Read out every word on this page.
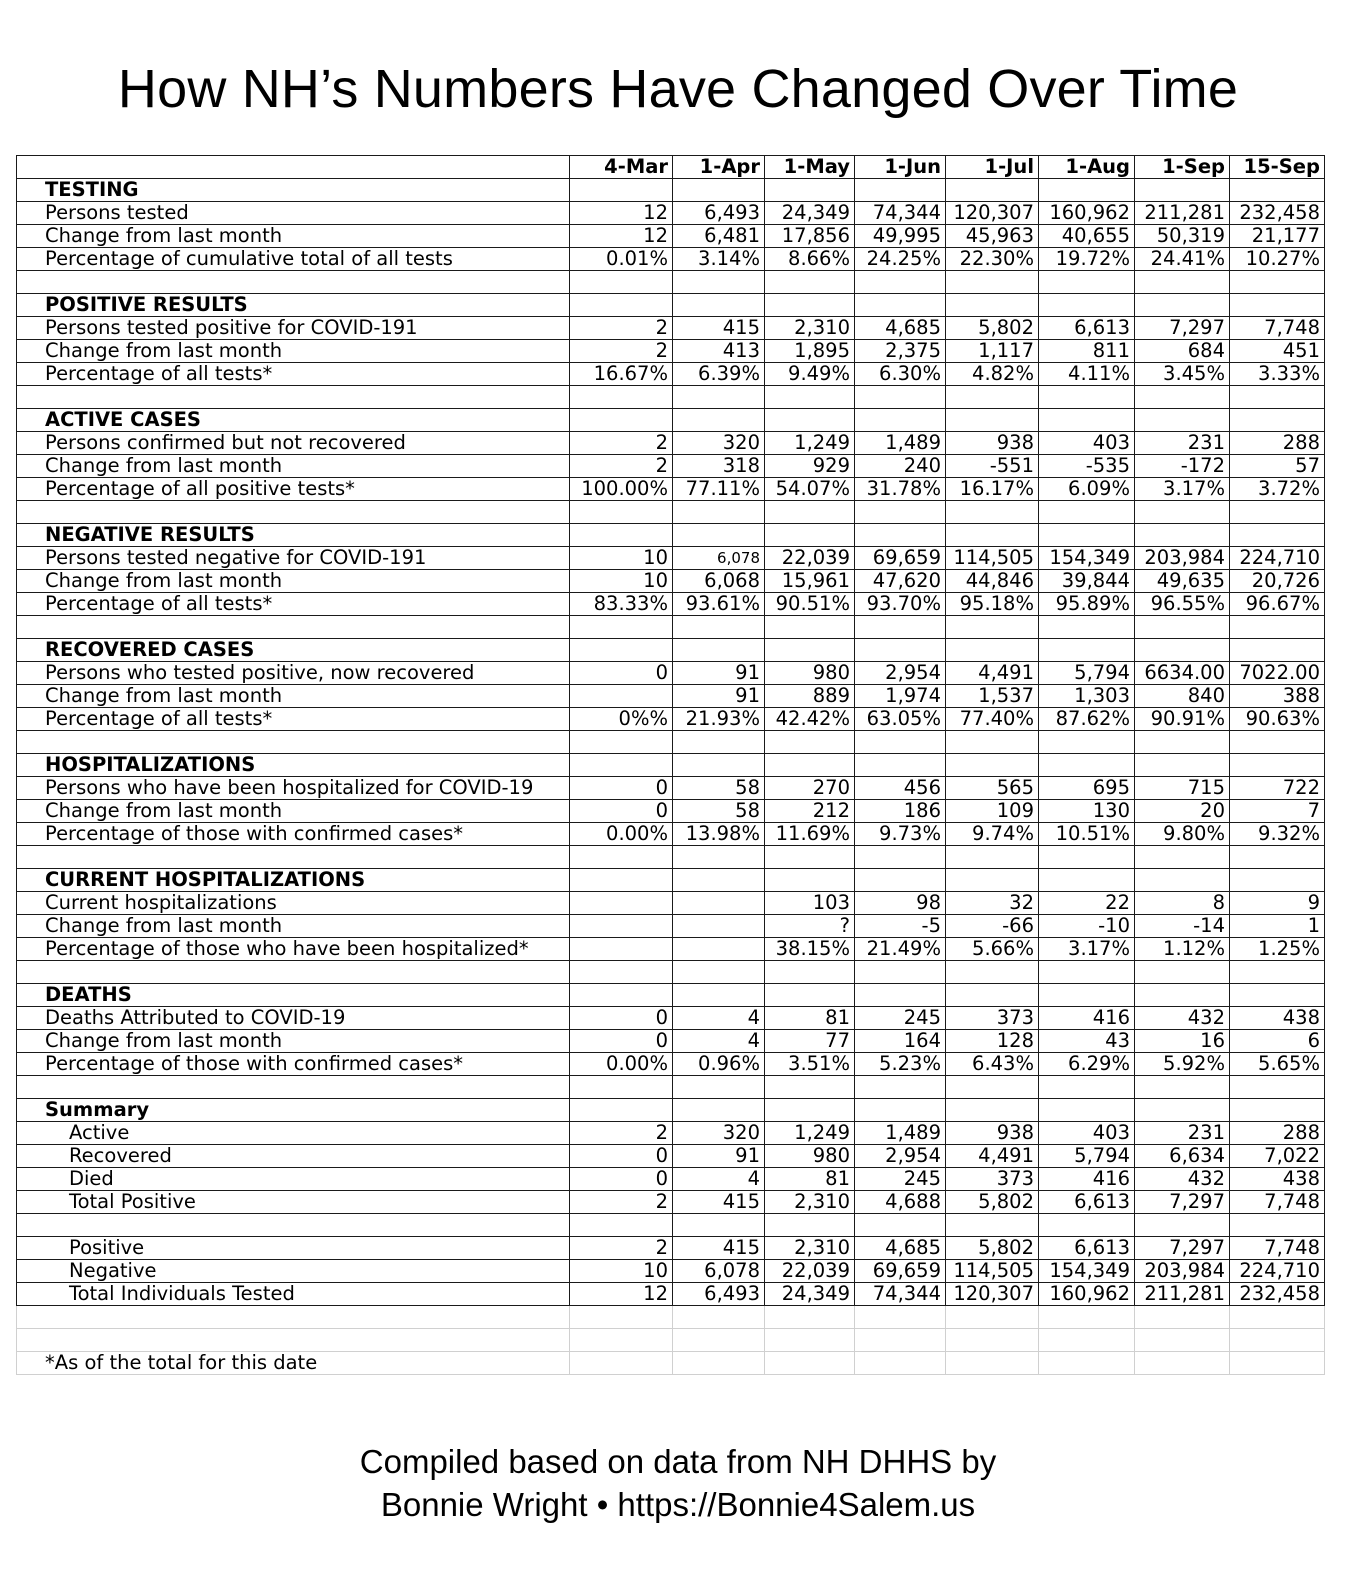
How NH’s Numbers Have Changed Over Time
	4-Mar	1-Apr	1-May	1-Jun	1-Jul	1-Aug	1-Sep	15-Sep
TESTING								
Persons tested	12	6,493	24,349	74,344	120,307	160,962	211,281	232,458
Change from last month	12	6,481	17,856	49,995	45,963	40,655	50,319	21,177
Percentage of cumulative total of all tests	0.01%	3.14%	8.66%	24.25%	22.30%	19.72%	24.41%	10.27%

POSITIVE RESULTS								
Persons tested positive for COVID-191	2	415	2,310	4,685	5,802	6,613	7,297	7,748
Change from last month	2	413	1,895	2,375	1,117	811	684	451
Percentage of all tests*	16.67%	6.39%	9.49%	6.30%	4.82%	4.11%	3.45%	3.33%

ACTIVE CASES								
Persons confirmed but not recovered	2	320	1,249	1,489	938	403	231	288
Change from last month	2	318	929	240	-551	-535	-172	57
Percentage of all positive tests*	100.00%	77.11%	54.07%	31.78%	16.17%	6.09%	3.17%	3.72%

NEGATIVE RESULTS								
Persons tested negative for COVID-191	10	6,078	22,039	69,659	114,505	154,349	203,984	224,710
Change from last month	10	6,068	15,961	47,620	44,846	39,844	49,635	20,726
Percentage of all tests*	83.33%	93.61%	90.51%	93.70%	95.18%	95.89%	96.55%	96.67%

RECOVERED CASES								
Persons who tested positive, now recovered	0	91	980	2,954	4,491	5,794	6634.00	7022.00
Change from last month		91	889	1,974	1,537	1,303	840	388
Percentage of all tests*	0%%	21.93%	42.42%	63.05%	77.40%	87.62%	90.91%	90.63%

HOSPITALIZATIONS								
Persons who have been hospitalized for COVID-19	0	58	270	456	565	695	715	722
Change from last month	0	58	212	186	109	130	20	7
Percentage of those with confirmed cases*	0.00%	13.98%	11.69%	9.73%	9.74%	10.51%	9.80%	9.32%

CURRENT HOSPITALIZATIONS								
Current hospitalizations			103	98	32	22	8	9
Change from last month			?	-5	-66	-10	-14	1
Percentage of those who have been hospitalized*			38.15%	21.49%	5.66%	3.17%	1.12%	1.25%

DEATHS								
Deaths Attributed to COVID-19	0	4	81	245	373	416	432	438
Change from last month	0	4	77	164	128	43	16	6
Percentage of those with confirmed cases*	0.00%	0.96%	3.51%	5.23%	6.43%	6.29%	5.92%	5.65%

Summary								
Active	2	320	1,249	1,489	938	403	231	288
Recovered	0	91	980	2,954	4,491	5,794	6,634	7,022
Died	0	4	81	245	373	416	432	438
Total Positive	2	415	2,310	4,688	5,802	6,613	7,297	7,748

Positive	2	415	2,310	4,685	5,802	6,613	7,297	7,748
Negative	10	6,078	22,039	69,659	114,505	154,349	203,984	224,710
Total Individuals Tested	12	6,493	24,349	74,344	120,307	160,962	211,281	232,458

*As of the total for this date								
Compiled based on data from NH DHHS by
Bonnie Wright • https://Bonnie4Salem.us
